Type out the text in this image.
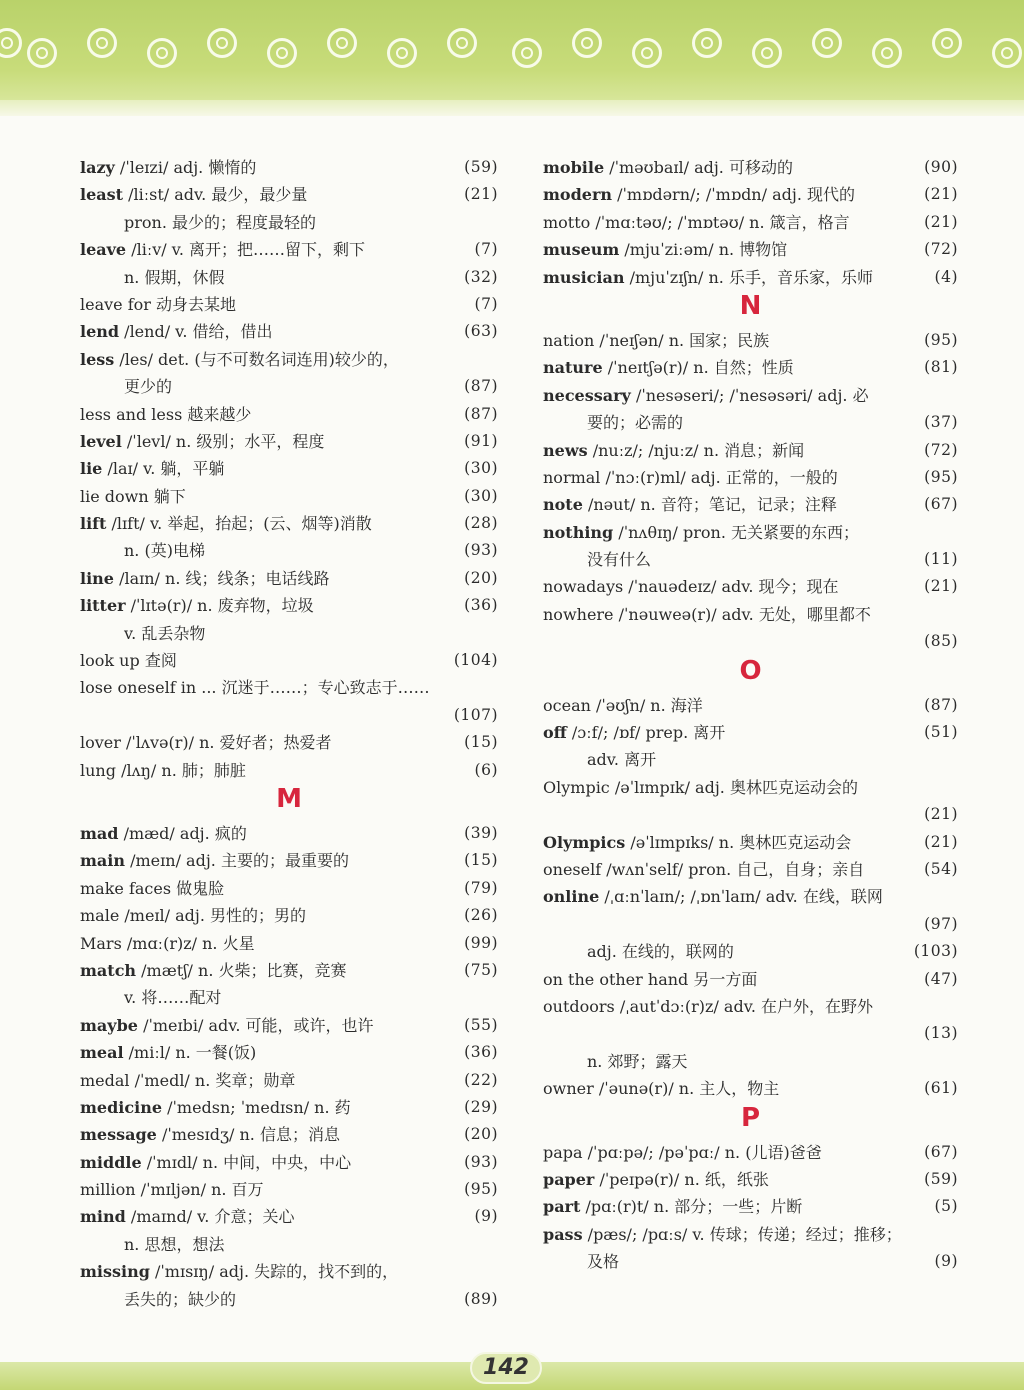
lazy /ˈleɪzi/ adj. 懒惰的	(59)
least /liːst/ adv. 最少，最少量	(21)
pron. 最少的；程度最轻的
leave /liːv/ v. 离开；把……留下，剩下	(7)
n. 假期，休假	(32)
leave for 动身去某地	(7)
lend /lend/ v. 借给，借出	(63)
less /les/ det. (与不可数名词连用)较少的，
更少的	(87)
less and less 越来越少	(87)
level /ˈlevl/ n. 级别；水平，程度	(91)
lie /laɪ/ v. 躺，平躺	(30)
lie down 躺下	(30)
lift /lɪft/ v. 举起，抬起；(云、烟等)消散	(28)
n. (英)电梯	(93)
line /laɪn/ n. 线；线条；电话线路	(20)
litter /ˈlɪtə(r)/ n. 废弃物，垃圾	(36)
v. 乱丢杂物
look up 查阅	(104)
lose oneself in ... 沉迷于……；专心致志于……
(107)
lover /ˈlʌvə(r)/ n. 爱好者；热爱者	(15)
lung /lʌŋ/ n. 肺；肺脏	(6)
M
mad /mæd/ adj. 疯的	(39)
main /meɪn/ adj. 主要的；最重要的	(15)
make faces 做鬼脸	(79)
male /meɪl/ adj. 男性的；男的	(26)
Mars /mɑː(r)z/ n. 火星	(99)
match /mætʃ/ n. 火柴；比赛，竞赛	(75)
v. 将……配对
maybe /ˈmeɪbi/ adv. 可能，或许，也许	(55)
meal /miːl/ n. 一餐(饭)	(36)
medal /ˈmedl/ n. 奖章；勋章	(22)
medicine /ˈmedsn; ˈmedɪsn/ n. 药	(29)
message /ˈmesɪdʒ/ n. 信息；消息	(20)
middle /ˈmɪdl/ n. 中间，中央，中心	(93)
million /ˈmɪljən/ n. 百万	(95)
mind /maɪnd/ v. 介意；关心	(9)
n. 思想，想法
missing /ˈmɪsɪŋ/ adj. 失踪的，找不到的，
丢失的；缺少的	(89)
mobile /ˈməʊbaɪl/ adj. 可移动的	(90)
modern /ˈmɒdərn/; /ˈmɒdn/ adj. 现代的	(21)
motto /ˈmɑːtəʊ/; /ˈmɒtəʊ/ n. 箴言，格言	(21)
museum /mjuˈziːəm/ n. 博物馆	(72)
musician /mjuˈzɪʃn/ n. 乐手，音乐家，乐师	(4)
N
nation /ˈneɪʃən/ n. 国家；民族	(95)
nature /ˈneɪtʃə(r)/ n. 自然；性质	(81)
necessary /ˈnesəseri/; /ˈnesəsəri/ adj. 必
要的；必需的	(37)
news /nuːz/; /njuːz/ n. 消息；新闻	(72)
normal /ˈnɔː(r)ml/ adj. 正常的，一般的	(95)
note /nəut/ n. 音符；笔记，记录；注释	(67)
nothing /ˈnʌθɪŋ/ pron. 无关紧要的东西；
没有什么	(11)
nowadays /ˈnauədeɪz/ adv. 现今；现在	(21)
nowhere /ˈnəuweə(r)/ adv. 无处，哪里都不
(85)
O
ocean /ˈəʊʃn/ n. 海洋	(87)
off /ɔːf/; /ɒf/ prep. 离开	(51)
adv. 离开
Olympic /əˈlɪmpɪk/ adj. 奥林匹克运动会的
(21)
Olympics /əˈlɪmpɪks/ n. 奥林匹克运动会	(21)
oneself /wʌnˈself/ pron. 自己，自身；亲自	(54)
online /ˌɑːnˈlaɪn/; /ˌɒnˈlaɪn/ adv. 在线，联网
(97)
adj. 在线的，联网的	(103)
on the other hand 另一方面	(47)
outdoors /ˌautˈdɔː(r)z/ adv. 在户外，在野外
(13)
n. 郊野；露天
owner /ˈəunə(r)/ n. 主人，物主	(61)
P
papa /ˈpɑːpə/; /pəˈpɑː/ n. (儿语)爸爸	(67)
paper /ˈpeɪpə(r)/ n. 纸，纸张	(59)
part /pɑː(r)t/ n. 部分；一些；片断	(5)
pass /pæs/; /pɑːs/ v. 传球；传递；经过；推移；
及格	(9)
142
